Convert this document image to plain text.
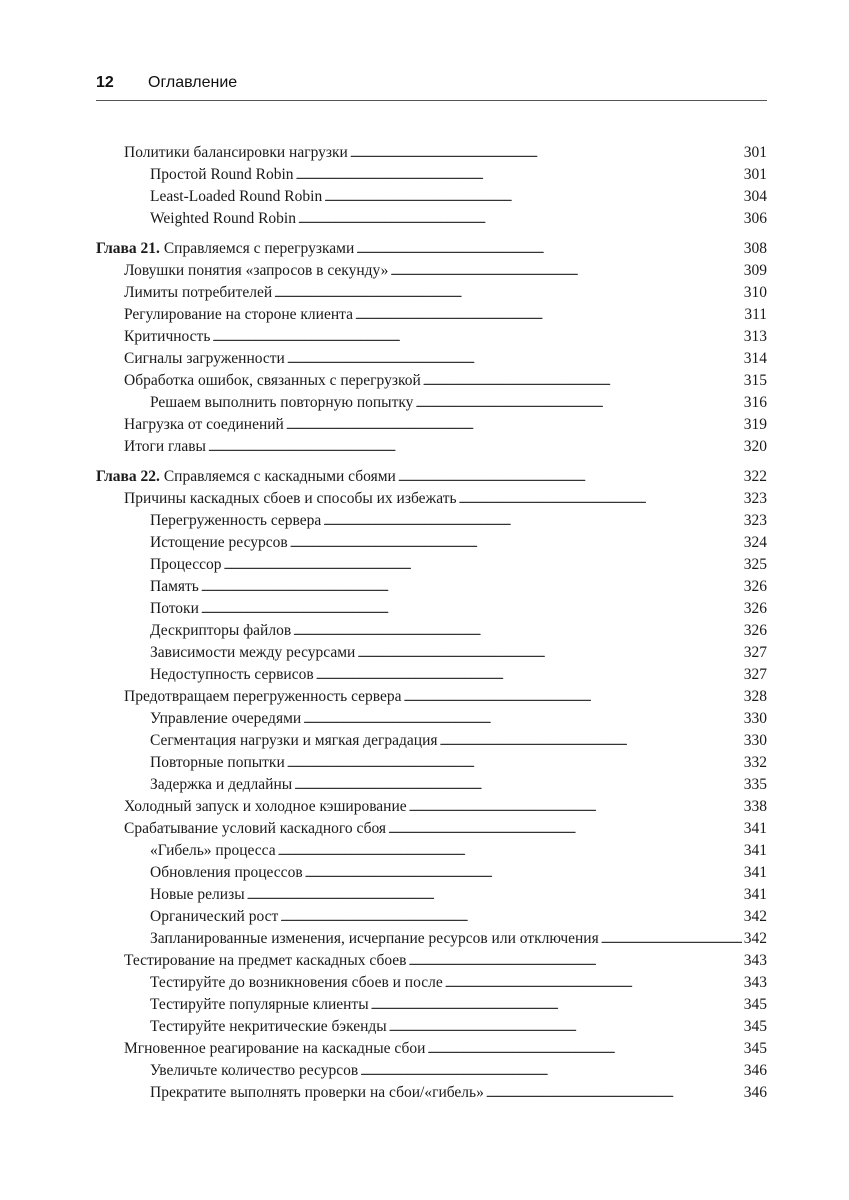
12 Оглавление
Политики балансировки нагрузки . . .	301
Простой Round Robin . . .	301
Least-Loaded Round Robin . . .	304
Weighted Round Robin . . .	306
Глава 21. Справляемся с перегрузками . . .	308
Ловушки понятия «запросов в секунду» . . .	309
Лимиты потребителей . . .	310
Регулирование на стороне клиента . . .	311
Критичность . . .	313
Сигналы загруженности . . .	314
Обработка ошибок, связанных с перегрузкой . . .	315
Решаем выполнить повторную попытку . . .	316
Нагрузка от соединений . . .	319
Итоги главы . . .	320
Глава 22. Справляемся с каскадными сбоями . . .	322
Причины каскадных сбоев и способы их избежать . . .	323
Перегруженность сервера . . .	323
Истощение ресурсов . . .	324
Процессор . . .	325
Память . . .	326
Потоки . . .	326
Дескрипторы файлов . . .	326
Зависимости между ресурсами . . .	327
Недоступность сервисов . . .	327
Предотвращаем перегруженность сервера . . .	328
Управление очередями . . .	330
Сегментация нагрузки и мягкая деградация . . .	330
Повторные попытки . . .	332
Задержка и дедлайны . . .	335
Холодный запуск и холодное кэширование . . .	338
Срабатывание условий каскадного сбоя . . .	341
«Гибель» процесса . . .	341
Обновления процессов . . .	341
Новые релизы . . .	341
Органический рост . . .	342
Запланированные изменения, исчерпание ресурсов или отключения . . .	342
Тестирование на предмет каскадных сбоев . . .	343
Тестируйте до возникновения сбоев и после . . .	343
Тестируйте популярные клиенты . . .	345
Тестируйте некритические бэкенды . . .	345
Мгновенное реагирование на каскадные сбои . . .	345
Увеличьте количество ресурсов . . .	346
Прекратите выполнять проверки на сбои/«гибель» . . .	346
